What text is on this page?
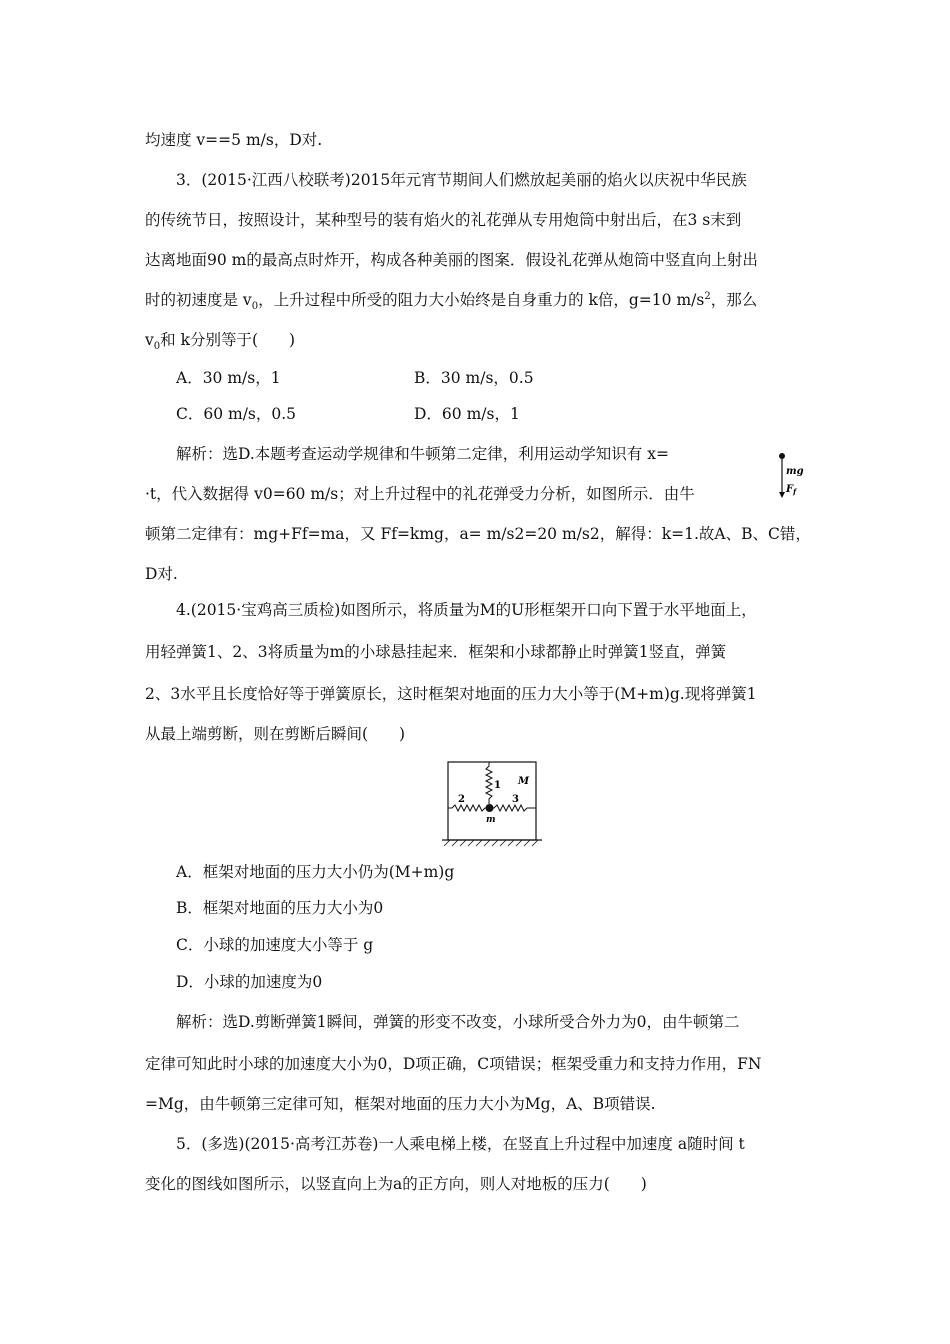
均速度 v==5 m/s，D对.
3．(2015·江西八校联考)2015年元宵节期间人们燃放起美丽的焰火以庆祝中华民族
的传统节日，按照设计，某种型号的装有焰火的礼花弹从专用炮筒中射出后，在3 s末到
达离地面90 m的最高点时炸开，构成各种美丽的图案．假设礼花弹从炮筒中竖直向上射出
时的初速度是 $v_0$，上升过程中所受的阻力大小始终是自身重力的 k倍，g=10 $m/s^2$，那么
$v_0$和 k分别等于(　　)
A．30 m/s，1	B．30 m/s，0.5
C．60 m/s，0.5	D．60 m/s，1
解析：选D.本题考查运动学规律和牛顿第二定律，利用运动学知识有 x=
·t，代入数据得 v0=60 m/s；对上升过程中的礼花弹受力分析，如图所示．由牛
顿第二定律有：mg+Ff=ma，又 Ff=kmg，a= m/s2=20 m/s2，解得：k=1.故A、B、C错，
D对.
mg
$F_f$
4.(2015·宝鸡高三质检)如图所示，将质量为M的U形框架开口向下置于水平地面上，
用轻弹簧1、2、3将质量为m的小球悬挂起来．框架和小球都静止时弹簧1竖直，弹簧
2、3水平且长度恰好等于弹簧原长，这时框架对地面的压力大小等于(M+m)g.现将弹簧1
从最上端剪断，则在剪断后瞬间(　　)
1
2	3
M
m
A．框架对地面的压力大小仍为(M+m)g
B．框架对地面的压力大小为0
C．小球的加速度大小等于 g
D．小球的加速度为0
解析：选D.剪断弹簧1瞬间，弹簧的形变不改变，小球所受合外力为0，由牛顿第二
定律可知此时小球的加速度大小为0，D项正确，C项错误；框架受重力和支持力作用，FN
=Mg，由牛顿第三定律可知，框架对地面的压力大小为Mg，A、B项错误.
5．(多选)(2015·高考江苏卷)一人乘电梯上楼，在竖直上升过程中加速度 a随时间 t
变化的图线如图所示，以竖直向上为a的正方向，则人对地板的压力(　　)
